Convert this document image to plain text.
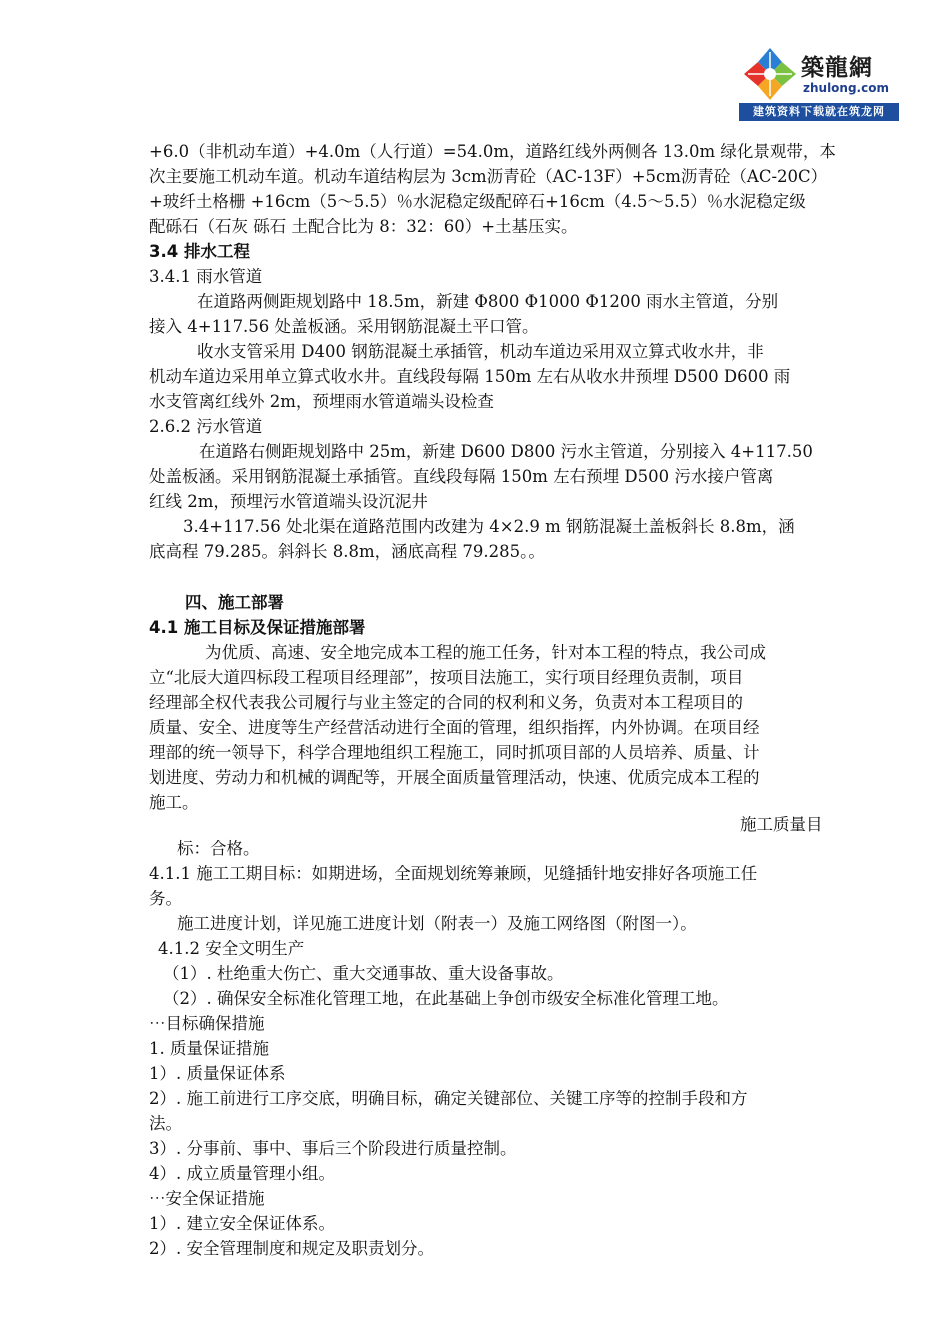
築龍網
zhulong.com
建筑资料下载就在筑龙网

+6.0（非机动车道）+4.0m（人行道）=54.0m，道路红线外两侧各 13.0m 绿化景观带，本

次主要施工机动车道。机动车道结构层为 3cm沥青砼（AC-13F）+5cm沥青砼（AC-20C）

+玻纤土格栅 +16cm（5～5.5）％水泥稳定级配碎石+16cm（4.5～5.5）％水泥稳定级

配砾石（石灰 砾石 土配合比为 8：32：60）+土基压实。

3.4 排水工程

3.4.1 雨水管道

在道路两侧距规划路中 18.5m，新建 Φ800 Φ1000 Φ1200 雨水主管道，分别

接入 4+117.56 处盖板涵。采用钢筋混凝土平口管。

收水支管采用 D400 钢筋混凝土承插管，机动车道边采用双立算式收水井，非

机动车道边采用单立算式收水井。直线段每隔 150m 左右从收水井预埋 D500 D600 雨

水支管离红线外 2m，预埋雨水管道端头设检查

2.6.2 污水管道

在道路右侧距规划路中 25m，新建 D600 D800 污水主管道，分别接入 4+117.50

处盖板涵。采用钢筋混凝土承插管。直线段每隔 150m 左右预埋 D500 污水接户管离

红线 2m，预埋污水管道端头设沉泥井

3.4+117.56 处北渠在道路范围内改建为 4×2.9 m 钢筋混凝土盖板斜长 8.8m，涵

底高程 79.285。斜斜长 8.8m，涵底高程 79.285。。

四、施工部署

4.1 施工目标及保证措施部署

为优质、高速、安全地完成本工程的施工任务，针对本工程的特点，我公司成

立“北辰大道四标段工程项目经理部”，按项目法施工，实行项目经理负责制，项目

经理部全权代表我公司履行与业主签定的合同的权利和义务，负责对本工程项目的

质量、安全、进度等生产经营活动进行全面的管理，组织指挥，内外协调。在项目经

理部的统一领导下，科学合理地组织工程施工，同时抓项目部的人员培养、质量、计

划进度、劳动力和机械的调配等，开展全面质量管理活动，快速、优质完成本工程的

施工。

施工质量目

标：合格。

4.1.1 施工工期目标：如期进场，全面规划统筹兼顾，见缝插针地安排好各项施工任

务。

施工进度计划，详见施工进度计划（附表一）及施工网络图（附图一）。

4.1.2 安全文明生产

（1）. 杜绝重大伤亡、重大交通事故、重大设备事故。

（2）. 确保安全标准化管理工地，在此基础上争创市级安全标准化管理工地。

⋯目标确保措施

1. 质量保证措施

1）. 质量保证体系

2）. 施工前进行工序交底，明确目标，确定关键部位、关键工序等的控制手段和方

法。

3）. 分事前、事中、事后三个阶段进行质量控制。

4）. 成立质量管理小组。

⋯安全保证措施

1）. 建立安全保证体系。

2）. 安全管理制度和规定及职责划分。
